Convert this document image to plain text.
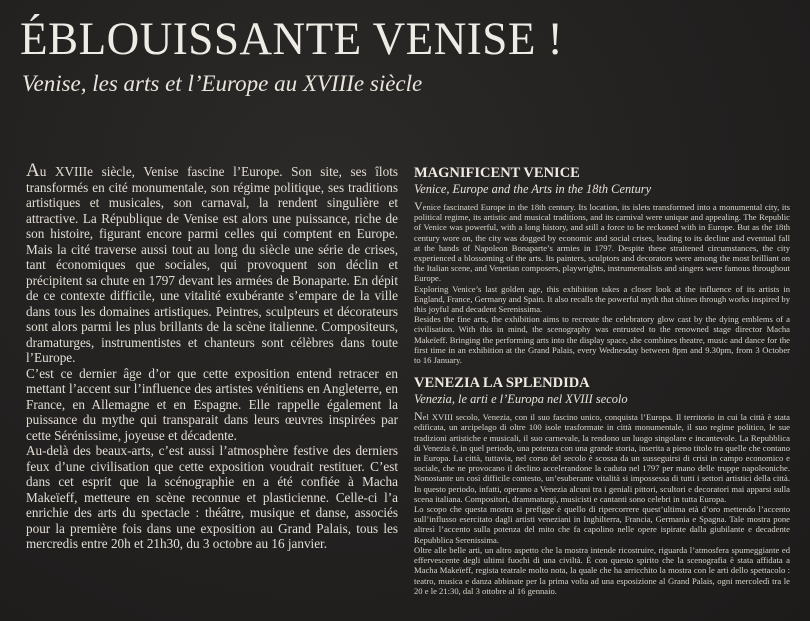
ÉBLOUISSANTE VENISE !
Venise, les arts et l’Europe au XVIIIe siècle

Au XVIIIe siècle, Venise fascine l’Europe. Son site, ses îlots transformés en cité monumentale, son régime politique, ses traditions artistiques et musicales, son carnaval, la rendent singulière et attractive. La République de Venise est alors une puissance, riche de son histoire, figurant encore parmi celles qui comptent en Europe. Mais la cité traverse aussi tout au long du siècle une série de crises, tant économiques que sociales, qui provoquent son déclin et précipitent sa chute en 1797 devant les armées de Bonaparte. En dépit de ce contexte difficile, une vitalité exubérante s’empare de la ville dans tous les domaines artistiques. Peintres, sculpteurs et décorateurs sont alors parmi les plus brillants de la scène italienne. Compositeurs, dramaturges, instrumentistes et chanteurs sont célèbres dans toute l’Europe.

C’est ce dernier âge d’or que cette exposition entend retracer en mettant l’accent sur l’influence des artistes vénitiens en Angleterre, en France, en Allemagne et en Espagne. Elle rappelle également la puissance du mythe qui transparait dans leurs œuvres inspirées par cette Sérénissime, joyeuse et décadente.

Au-delà des beaux-arts, c’est aussi l’atmosphère festive des derniers feux d’une civilisation que cette exposition voudrait restituer. C’est dans cet esprit que la scénographie en a été confiée à Macha Makeïeff, metteure en scène reconnue et plasticienne. Celle-ci l’a enrichie des arts du spectacle : théâtre, musique et danse, associés pour la première fois dans une exposition au Grand Palais, tous les mercredis entre 20h et 21h30, du 3 octobre au 16 janvier.

MAGNIFICENT VENICE
Venice, Europe and the Arts in the 18th Century

Venice fascinated Europe in the 18th century. Its location, its islets transformed into a monumental city, its political regime, its artistic and musical traditions, and its carnival were unique and appealing. The Republic of Venice was powerful, with a long history, and still a force to be reckoned with in Europe. But as the 18th century wore on, the city was dogged by economic and social crises, leading to its decline and eventual fall at the hands of Napoleon Bonaparte’s armies in 1797. Despite these straitened circumstances, the city experienced a blossoming of the arts. Its painters, sculptors and decorators were among the most brilliant on the Italian scene, and Venetian composers, playwrights, instrumentalists and singers were famous throughout Europe.

Exploring Venice’s last golden age, this exhibition takes a closer look at the influence of its artists in England, France, Germany and Spain. It also recalls the powerful myth that shines through works inspired by this joyful and decadent Serenissima.

Besides the fine arts, the exhibition aims to recreate the celebratory glow cast by the dying emblems of a civilisation. With this in mind, the scenography was entrusted to the renowned stage director Macha Makeïeff. Bringing the performing arts into the display space, she combines theatre, music and dance for the first time in an exhibition at the Grand Palais, every Wednesday between 8pm and 9.30pm, from 3 October to 16 January.

VENEZIA LA SPLENDIDA
Venezia, le arti e l’Europa nel XVIII secolo

Nel XVIII secolo, Venezia, con il suo fascino unico, conquista l’Europa. Il territorio in cui la città è stata edificata, un arcipelago di oltre 100 isole trasformate in città monumentale, il suo regime politico, le sue tradizioni artistiche e musicali, il suo carnevale, la rendono un luogo singolare e incantevole. La Repubblica di Venezia è, in quel periodo, una potenza con una grande storia, inserita a pieno titolo tra quelle che contano in Europa. La città, tuttavia, nel corso del secolo è scossa da un susseguirsi di crisi in campo economico e sociale, che ne provocano il declino accelerandone la caduta nel 1797 per mano delle truppe napoleoniche. Nonostante un così difficile contesto, un’esuberante vitalità si impossessa di tutti i settori artistici della città. In questo periodo, infatti, operano a Venezia alcuni tra i geniali pittori, scultori e decoratori mai apparsi sulla scena italiana. Compositori, drammaturgi, musicisti e cantanti sono celebri in tutta Europa.

Lo scopo che questa mostra si prefigge è quello di ripercorrere quest’ultima età d’oro mettendo l’accento sull’influsso esercitato dagli artisti veneziani in Inghilterra, Francia, Germania e Spagna. Tale mostra pone altresì l’accento sulla potenza del mito che fa capolino nelle opere ispirate dalla giubilante e decadente Repubblica Serenissima.

Oltre alle belle arti, un altro aspetto che la mostra intende ricostruire, riguarda l’atmosfera spumeggiante ed effervescente degli ultimi fuochi di una civiltà. È con questo spirito che la scenografia è stata affidata a Macha Makeïeff, regista teatrale molto nota, la quale che ha arricchito la mostra con le arti dello spettacolo : teatro, musica e danza abbinate per la prima volta ad una esposizione al Grand Palais, ogni mercoledì tra le 20 e le 21:30, dal 3 ottobre al 16 gennaio.
